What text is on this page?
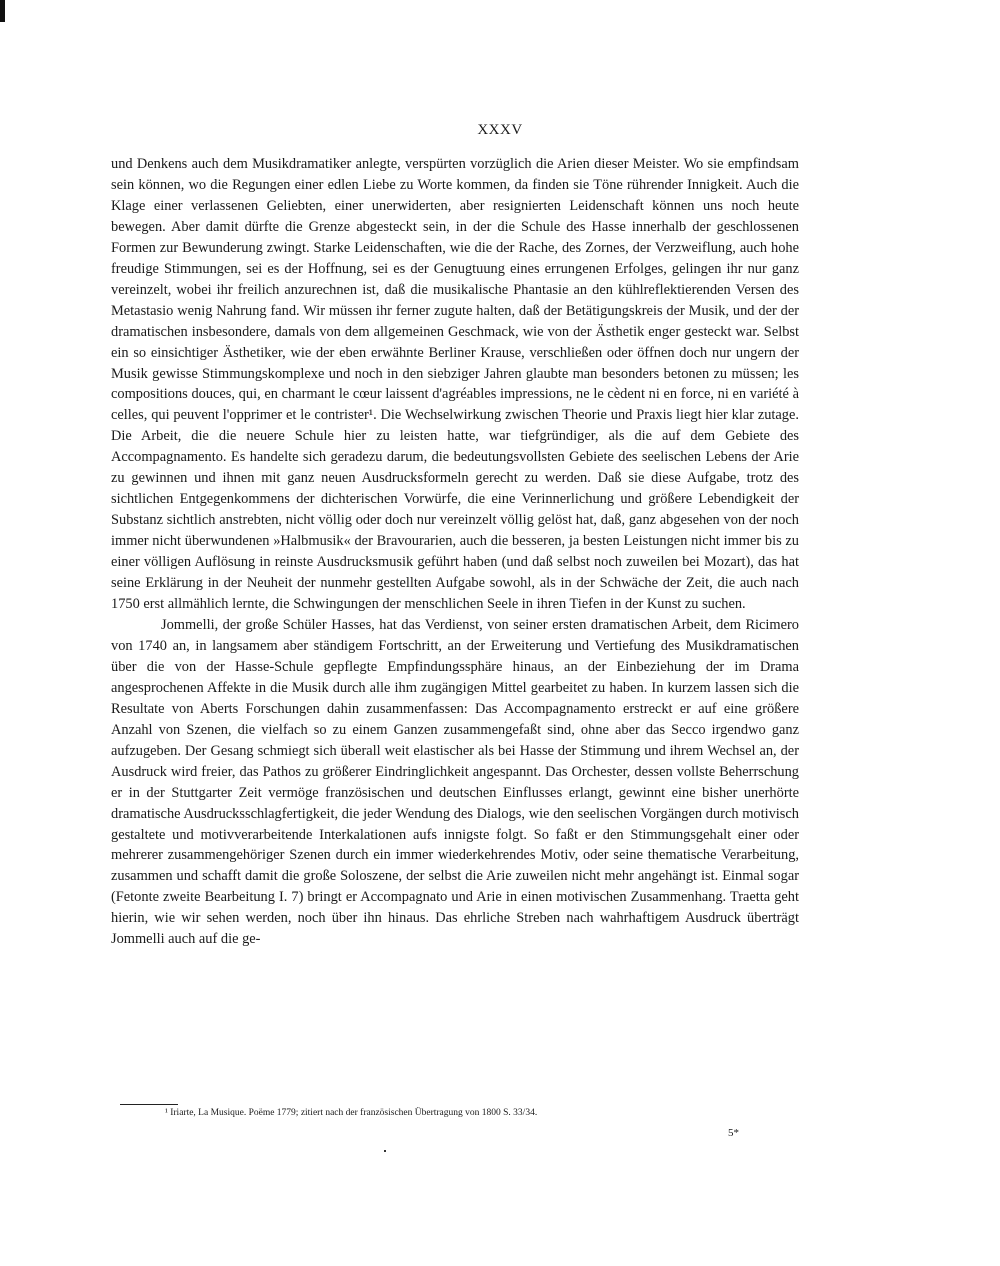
XXXV

und Denkens auch dem Musikdramatiker anlegte, verspürten vorzüglich die Arien dieser Meister. Wo sie empfindsam sein können, wo die Regungen einer edlen Liebe zu Worte kommen, da finden sie Töne rührender Innigkeit. Auch die Klage einer verlassenen Geliebten, einer unerwiderten, aber resignierten Leidenschaft können uns noch heute bewegen. Aber damit dürfte die Grenze abgesteckt sein, in der die Schule des Hasse innerhalb der geschlossenen Formen zur Bewunderung zwingt. Starke Leidenschaften, wie die der Rache, des Zornes, der Verzweiflung, auch hohe freudige Stimmungen, sei es der Hoffnung, sei es der Genugtuung eines errungenen Erfolges, gelingen ihr nur ganz vereinzelt, wobei ihr freilich anzurechnen ist, daß die musikalische Phantasie an den kühlreflektierenden Versen des Metastasio wenig Nahrung fand. Wir müssen ihr ferner zugute halten, daß der Betätigungskreis der Musik, und der der dramatischen insbesondere, damals von dem allgemeinen Geschmack, wie von der Ästhetik enger gesteckt war. Selbst ein so einsichtiger Ästhetiker, wie der eben erwähnte Berliner Krause, verschließen oder öffnen doch nur ungern der Musik gewisse Stimmungskomplexe und noch in den siebziger Jahren glaubte man besonders betonen zu müssen; les compositions douces, qui, en charmant le cœur laissent d'agréables impressions, ne le cèdent ni en force, ni en variété à celles, qui peuvent l'opprimer et le contrister¹. Die Wechselwirkung zwischen Theorie und Praxis liegt hier klar zutage. Die Arbeit, die die neuere Schule hier zu leisten hatte, war tiefgründiger, als die auf dem Gebiete des Accompagnamento. Es handelte sich geradezu darum, die bedeutungsvollsten Gebiete des seelischen Lebens der Arie zu gewinnen und ihnen mit ganz neuen Ausdrucksformeln gerecht zu werden. Daß sie diese Aufgabe, trotz des sichtlichen Entgegenkommens der dichterischen Vorwürfe, die eine Verinnerlichung und größere Lebendigkeit der Substanz sichtlich anstrebten, nicht völlig oder doch nur vereinzelt völlig gelöst hat, daß, ganz abgesehen von der noch immer nicht überwundenen »Halbmusik« der Bravourarien, auch die besseren, ja besten Leistungen nicht immer bis zu einer völligen Auflösung in reinste Ausdrucksmusik geführt haben (und daß selbst noch zuweilen bei Mozart), das hat seine Erklärung in der Neuheit der nunmehr gestellten Aufgabe sowohl, als in der Schwäche der Zeit, die auch nach 1750 erst allmählich lernte, die Schwingungen der menschlichen Seele in ihren Tiefen in der Kunst zu suchen.

Jommelli, der große Schüler Hasses, hat das Verdienst, von seiner ersten dramatischen Arbeit, dem Ricimero von 1740 an, in langsamem aber ständigem Fortschritt, an der Erweiterung und Vertiefung des Musikdramatischen über die von der Hasse-Schule gepflegte Empfindungssphäre hinaus, an der Einbeziehung der im Drama angesprochenen Affekte in die Musik durch alle ihm zugängigen Mittel gearbeitet zu haben. In kurzem lassen sich die Resultate von Aberts Forschungen dahin zusammenfassen: Das Accompagnamento erstreckt er auf eine größere Anzahl von Szenen, die vielfach so zu einem Ganzen zusammengefaßt sind, ohne aber das Secco irgendwo ganz aufzugeben. Der Gesang schmiegt sich überall weit elastischer als bei Hasse der Stimmung und ihrem Wechsel an, der Ausdruck wird freier, das Pathos zu größerer Eindringlichkeit angespannt. Das Orchester, dessen vollste Beherrschung er in der Stuttgarter Zeit vermöge französischen und deutschen Einflusses erlangt, gewinnt eine bisher unerhörte dramatische Ausdrucksschlagfertigkeit, die jeder Wendung des Dialogs, wie den seelischen Vorgängen durch motivisch gestaltete und motivverarbeitende Interkalationen aufs innigste folgt. So faßt er den Stimmungsgehalt einer oder mehrerer zusammengehöriger Szenen durch ein immer wiederkehrendes Motiv, oder seine thematische Verarbeitung, zusammen und schafft damit die große Soloszene, der selbst die Arie zuweilen nicht mehr angehängt ist. Einmal sogar (Fetonte zweite Bearbeitung I. 7) bringt er Accompagnato und Arie in einen motivischen Zusammenhang. Traetta geht hierin, wie wir sehen werden, noch über ihn hinaus. Das ehrliche Streben nach wahrhaftigem Ausdruck überträgt Jommelli auch auf die ge-

¹ Iriarte, La Musique. Poëme 1779; zitiert nach der französischen Übertragung von 1800 S. 33/34.
5*
